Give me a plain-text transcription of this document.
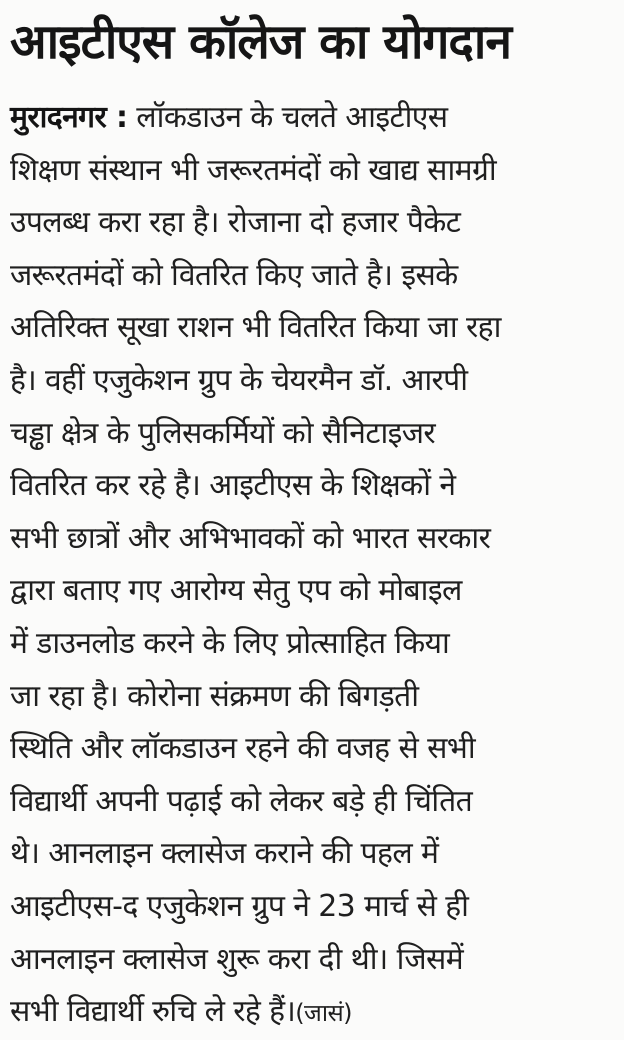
आइटीएस कॉलेज का योगदान
मुरादनगर : लॉकडाउन के चलते आइटीएस
शिक्षण संस्थान भी जरूरतमंदों को खाद्य सामग्री
उपलब्ध करा रहा है। रोजाना दो हजार पैकेट
जरूरतमंदों को वितरित किए जाते है। इसके
अतिरिक्त सूखा राशन भी वितरित किया जा रहा
है। वहीं एजुकेशन ग्रुप के चेयरमैन डॉ. आरपी
चड्ढा क्षेत्र के पुलिसकर्मियों को सैनिटाइजर
वितरित कर रहे है। आइटीएस के शिक्षकों ने
सभी छात्रों और अभिभावकों को भारत सरकार
द्वारा बताए गए आरोग्य सेतु एप को मोबाइल
में डाउनलोड करने के लिए प्रोत्साहित किया
जा रहा है। कोरोना संक्रमण की बिगड़ती
स्थिति और लॉकडाउन रहने की वजह से सभी
विद्यार्थी अपनी पढ़ाई को लेकर बड़े ही चिंतित
थे। आनलाइन क्लासेज कराने की पहल में
आइटीएस-द एजुकेशन ग्रुप ने 23 मार्च से ही
आनलाइन क्लासेज शुरू करा दी थी। जिसमें
सभी विद्यार्थी रुचि ले रहे हैं।(जासं)
